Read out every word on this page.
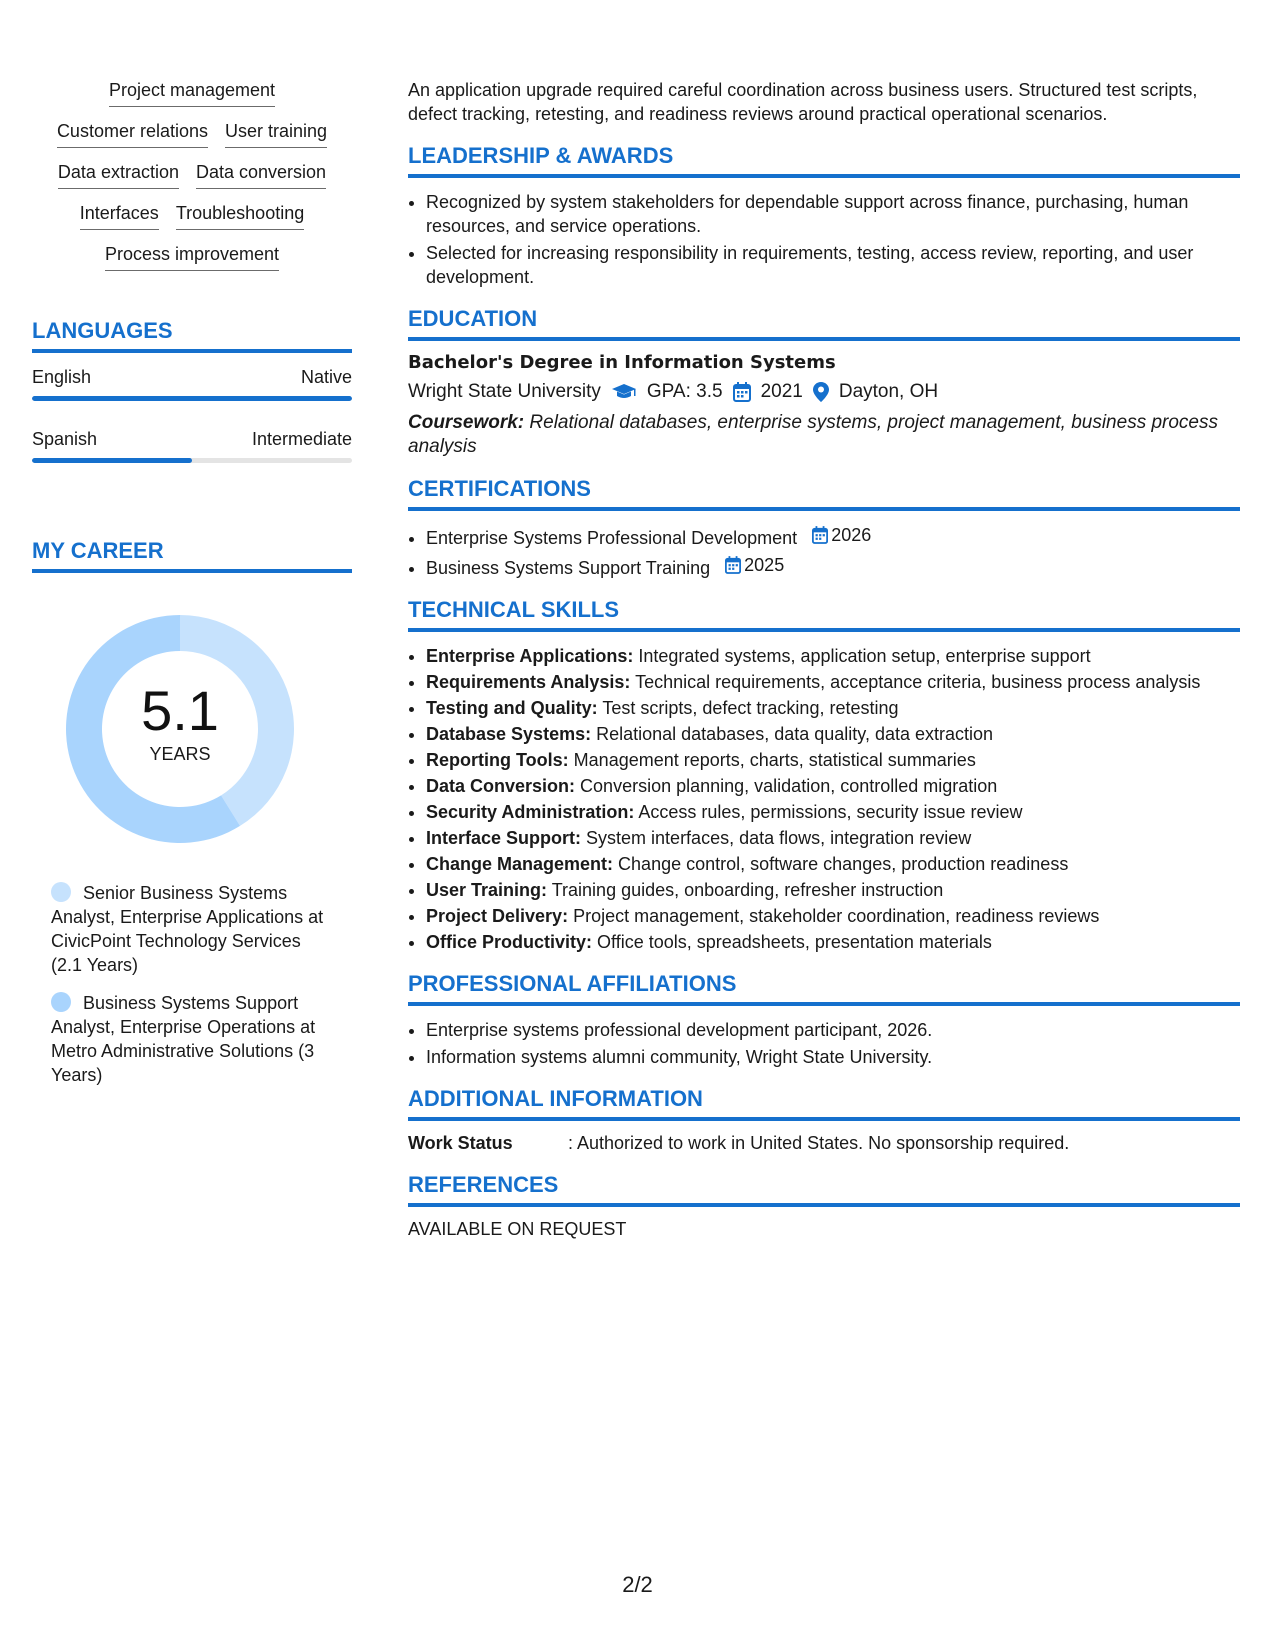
Project management
Customer relations User training
Data extraction Data conversion
Interfaces Troubleshooting
Process improvement
LANGUAGES
English	Native
Spanish	Intermediate
MY CAREER
5.1
YEARS
Senior Business Systems Analyst, Enterprise Applications at CivicPoint Technology Services (2.1 Years)
Business Systems Support Analyst, Enterprise Operations at Metro Administrative Solutions (3 Years)

An application upgrade required careful coordination across business users. Structured test scripts, defect tracking, retesting, and readiness reviews around practical operational scenarios.

LEADERSHIP & AWARDS
• Recognized by system stakeholders for dependable support across finance, purchasing, human resources, and service operations.
• Selected for increasing responsibility in requirements, testing, access review, reporting, and user development.
EDUCATION
Bachelor's Degree in Information Systems
Wright State University GPA: 3.5 2021 Dayton, OH
Coursework: Relational databases, enterprise systems, project management, business process analysis
CERTIFICATIONS
• Enterprise Systems Professional Development 2026
• Business Systems Support Training 2025
TECHNICAL SKILLS
• Enterprise Applications: Integrated systems, application setup, enterprise support
• Requirements Analysis: Technical requirements, acceptance criteria, business process analysis
• Testing and Quality: Test scripts, defect tracking, retesting
• Database Systems: Relational databases, data quality, data extraction
• Reporting Tools: Management reports, charts, statistical summaries
• Data Conversion: Conversion planning, validation, controlled migration
• Security Administration: Access rules, permissions, security issue review
• Interface Support: System interfaces, data flows, integration review
• Change Management: Change control, software changes, production readiness
• User Training: Training guides, onboarding, refresher instruction
• Project Delivery: Project management, stakeholder coordination, readiness reviews
• Office Productivity: Office tools, spreadsheets, presentation materials
PROFESSIONAL AFFILIATIONS
• Enterprise systems professional development participant, 2026.
• Information systems alumni community, Wright State University.
ADDITIONAL INFORMATION
Work Status	: Authorized to work in United States. No sponsorship required.
REFERENCES
AVAILABLE ON REQUEST
2/2
